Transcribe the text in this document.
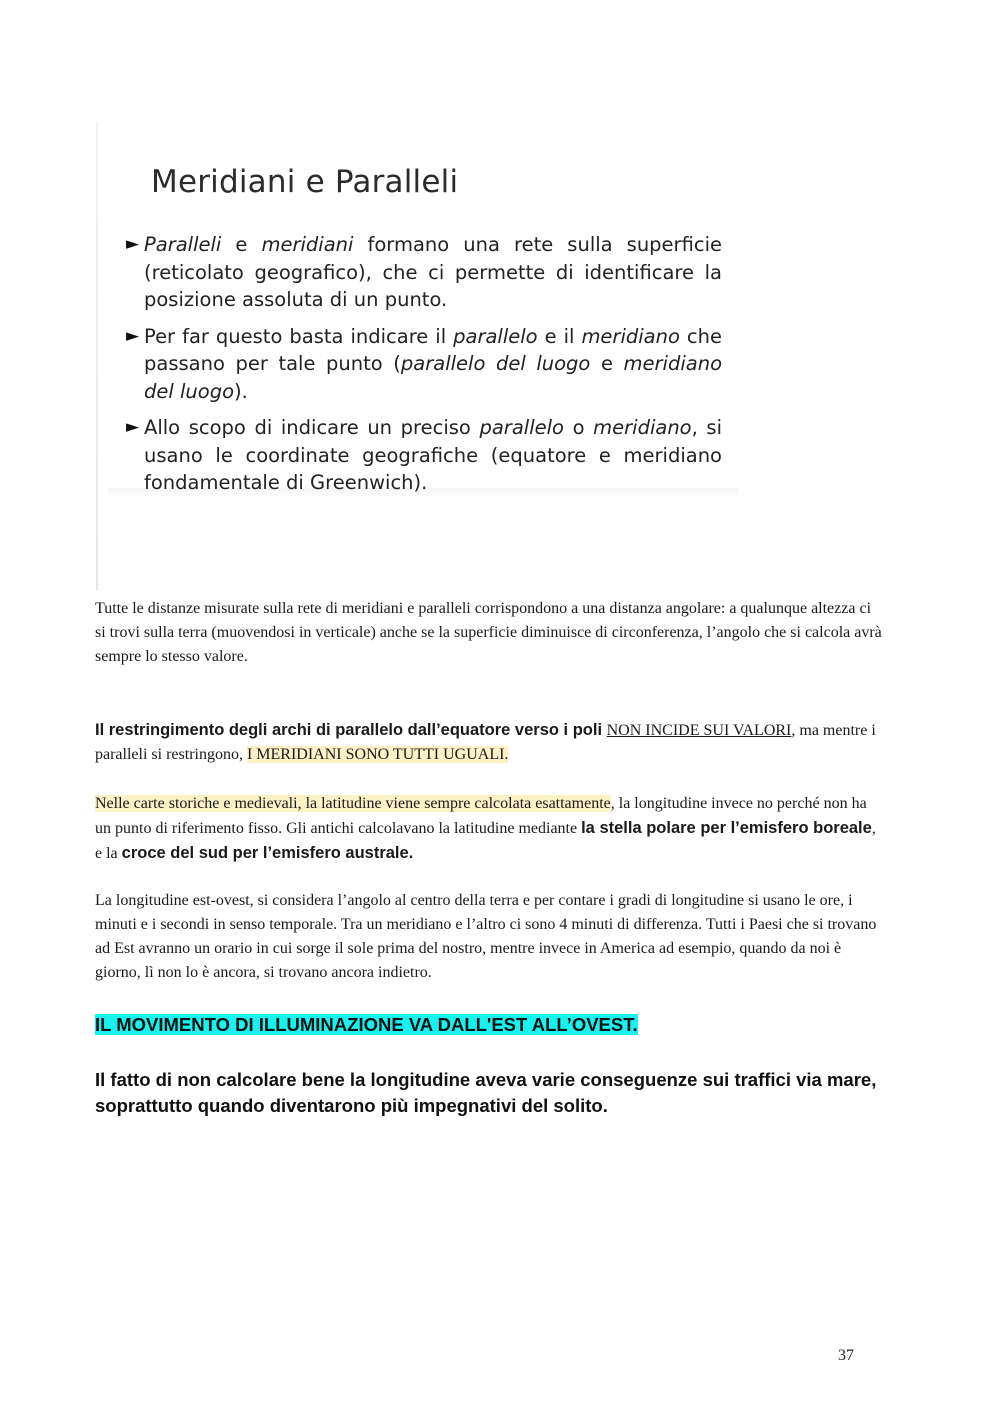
Meridiani e Paralleli
► Paralleli e meridiani formano una rete sulla superficie (reticolato geografico), che ci permette di identificare la posizione assoluta di un punto.
► Per far questo basta indicare il parallelo e il meridiano che passano per tale punto (parallelo del luogo e meridiano del luogo).
► Allo scopo di indicare un preciso parallelo o meridiano, si usano le coordinate geografiche (equatore e meridiano fondamentale di Greenwich).
Tutte le distanze misurate sulla rete di meridiani e paralleli corrispondono a una distanza angolare: a qualunque altezza ci si trovi sulla terra (muovendosi in verticale) anche se la superficie diminuisce di circonferenza, l’angolo che si calcola avrà sempre lo stesso valore.
Il restringimento degli archi di parallelo dall’equatore verso i poli NON INCIDE SUI VALORI, ma mentre i paralleli si restringono, I MERIDIANI SONO TUTTI UGUALI.
Nelle carte storiche e medievali, la latitudine viene sempre calcolata esattamente, la longitudine invece no perché non ha un punto di riferimento fisso. Gli antichi calcolavano la latitudine mediante la stella polare per l’emisfero boreale, e la croce del sud per l’emisfero australe.
La longitudine est-ovest, si considera l’angolo al centro della terra e per contare i gradi di longitudine si usano le ore, i minuti e i secondi in senso temporale. Tra un meridiano e l’altro ci sono 4 minuti di differenza. Tutti i Paesi che si trovano ad Est avranno un orario in cui sorge il sole prima del nostro, mentre invece in America ad esempio, quando da noi è giorno, lì non lo è ancora, si trovano ancora indietro.
IL MOVIMENTO DI ILLUMINAZIONE VA DALL'EST ALL’OVEST.
Il fatto di non calcolare bene la longitudine aveva varie conseguenze sui traffici via mare, soprattutto quando diventarono più impegnativi del solito.
37
